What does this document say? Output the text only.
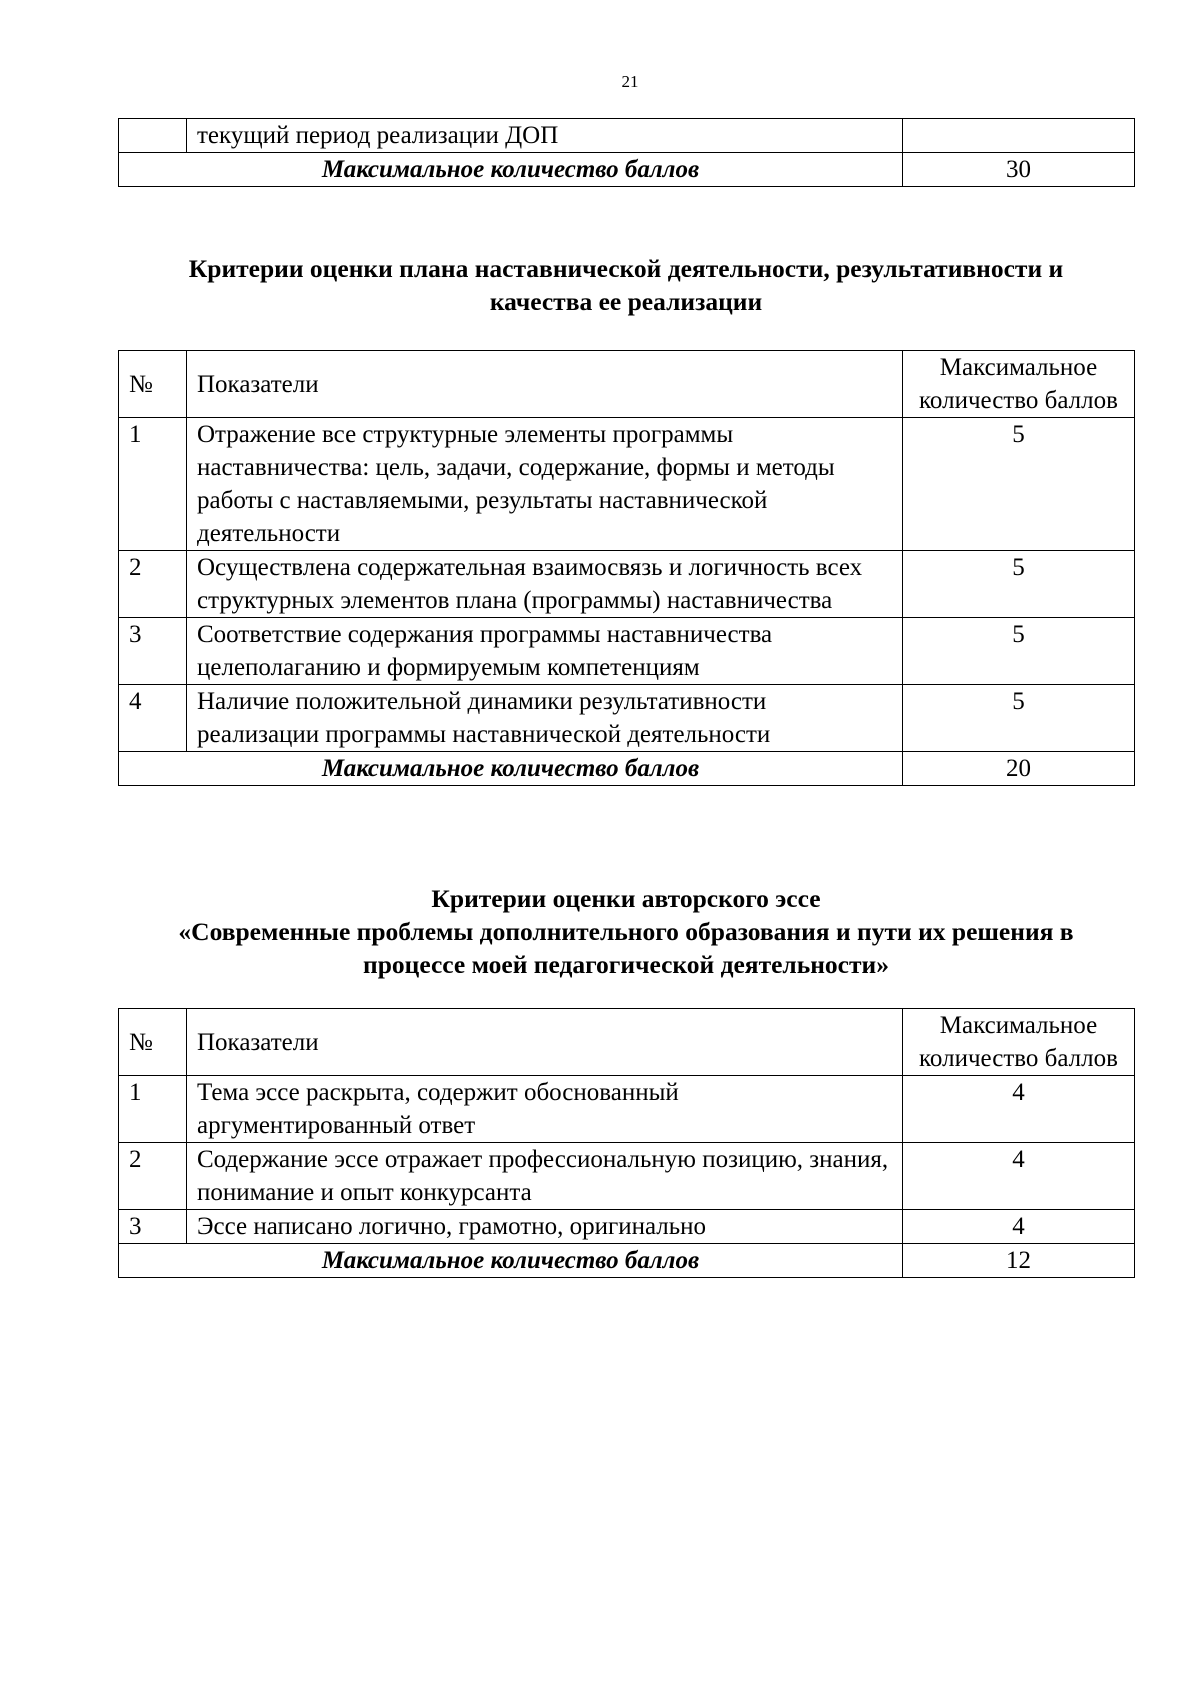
21
	текущий период реализации ДОП	
Максимальное количество баллов		30
Критерии оценки плана наставнической деятельности, результативности и
качества ее реализации
№	Показатели	Максимальное количество баллов
1	Отражение все структурные элементы программы наставничества: цель, задачи, содержание, формы и методы работы с наставляемыми, результаты наставнической деятельности	5
2	Осуществлена содержательная взаимосвязь и логичность всех структурных элементов плана (программы) наставничества	5
3	Соответствие содержания программы наставничества целеполаганию и формируемым компетенциям	5
4	Наличие положительной динамики результативности реализации программы наставнической деятельности	5
Максимальное количество баллов		20
Критерии оценки авторского эссе
«Современные проблемы дополнительного образования и пути их решения в
процессе моей педагогической деятельности»
№	Показатели	Максимальное количество баллов
1	Тема эссе раскрыта, содержит обоснованный аргументированный ответ	4
2	Содержание эссе отражает профессиональную позицию, знания, понимание и опыт конкурсанта	4
3	Эссе написано логично, грамотно, оригинально	4
Максимальное количество баллов		12
